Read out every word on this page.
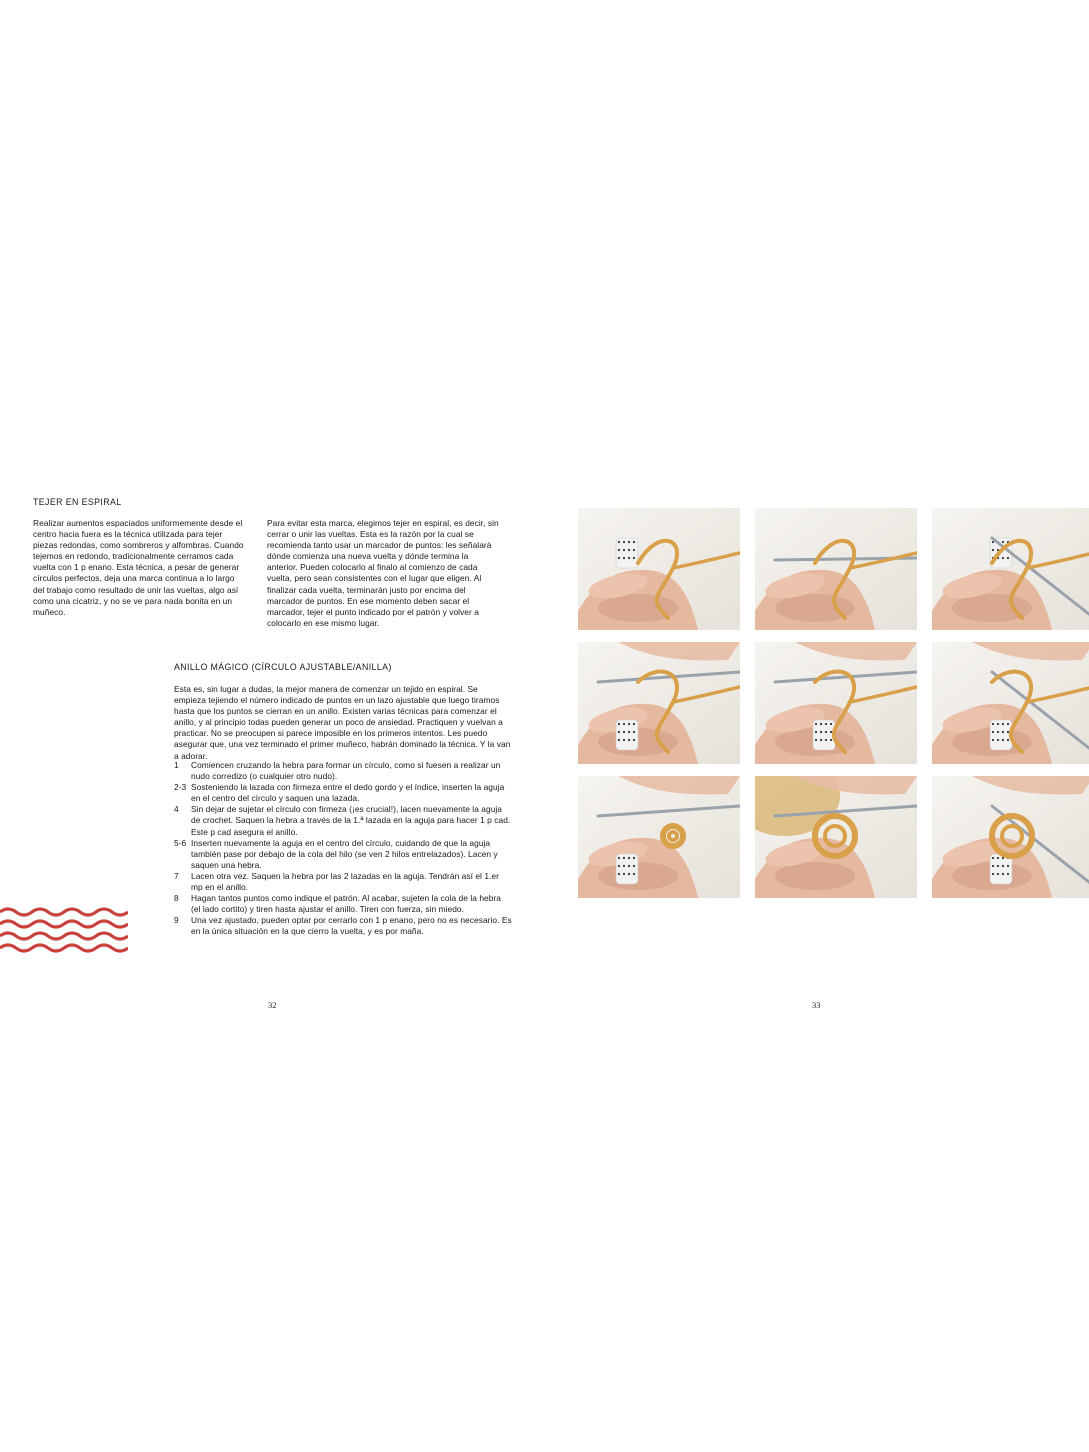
TEJER EN ESPIRAL
Realizar aumentos espaciados uniformemente desde el centro hacia fuera es la técnica utilizada para tejer piezas redondas, como sombreros y alfombras. Cuando tejemos en redondo, tradicionalmente cerramos cada vuelta con 1 p enano. Esta técnica, a pesar de generar círculos perfectos, deja una marca continua a lo largo del trabajo como resultado de unir las vueltas, algo así como una cicatriz, y no se ve para nada bonita en un muñeco.
Para evitar esta marca, elegimos tejer en espiral, es decir, sin cerrar o unir las vueltas. Esta es la razón por la cual se recomienda tanto usar un marcador de puntos: les señalará dónde comienza una nueva vuelta y dónde termina la anterior. Pueden colocarlo al finalo al comienzo de cada vuelta, pero sean consistentes con el lugar que eligen. Al finalizar cada vuelta, terminarán justo por encima del marcador de puntos. En ese momento deben sacar el marcador, tejer el punto indicado por el patrón y volver a colocarlo en ese mismo lugar.
ANILLO MÁGICO (CÍRCULO AJUSTABLE/ANILLA)
Esta es, sin lugar a dudas, la mejor manera de comenzar un tejido en espiral. Se empieza tejiendo el número indicado de puntos en un lazo ajustable que luego tiramos hasta que los puntos se cierran en un anillo. Existen varias técnicas para comenzar el anillo, y al principio todas pueden generar un poco de ansiedad. Practiquen y vuelvan a practicar. No se preocupen si parece imposible en los primeros intentos. Les puedo asegurar que, una vez terminado el primer muñeco, habrán dominado la técnica. Y la van a adorar.
1	Comiencen cruzando la hebra para formar un círculo, como si fuesen a realizar un nudo corredizo (o cualquier otro nudo).
2-3 Sosteniendo la lazada con firmeza entre el dedo gordo y el índice, inserten la aguja en el centro del círculo y saquen una lazada.
4	Sin dejar de sujetar el círculo con firmeza (¡es crucial!), lacen nuevamente la aguja de crochet. Saquen la hebra a través de la 1.ª lazada en la aguja para hacer 1 p cad. Este p cad asegura el anillo.
5-6 Inserten nuevamente la aguja en el centro del círculo, cuidando de que la aguja también pase por debajo de la cola del hilo (se ven 2 hilos entrelazados). Lacen y saquen una hebra.
7	Lacen otra vez. Saquen la hebra por las 2 lazadas en la aguja. Tendrán así el 1.er mp en el anillo.
8	Hagan tantos puntos como indique el patrón. Al acabar, sujeten la cola de la hebra (el lado cortito) y tiren hasta ajustar el anillo. Tiren con fuerza, sin miedo.
9	Una vez ajustado, pueden optar por cerrarlo con 1 p enano, pero no es necesario. Es en la única situación en la que cierro la vuelta, y es por maña.
32	33
